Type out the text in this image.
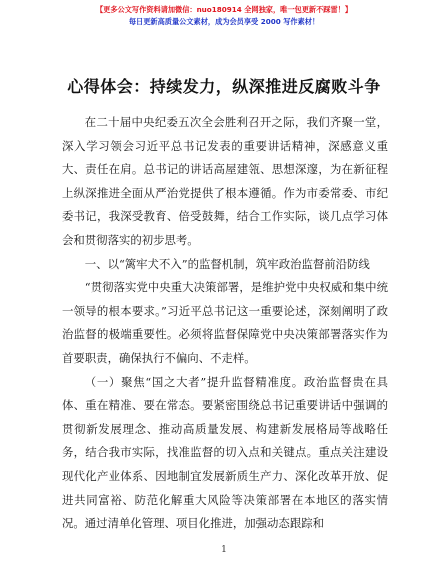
【更多公文写作资料请加微信：nuo180914 全网独家，唯一包更新不踩雷！】
每日更新高质量公文素材，成为会员享受 2000 写作素材！
心得体会：持续发力，纵深推进反腐败斗争

在二十届中央纪委五次全会胜利召开之际，我们齐聚一堂，深入学习领会习近平总书记发表的重要讲话精神，深感意义重大、责任在肩。总书记的讲话高屋建瓴、思想深邃，为在新征程上纵深推进全面从严治党提供了根本遵循。作为市委常委、市纪委书记，我深受教育、倍受鼓舞，结合工作实际，谈几点学习体会和贯彻落实的初步思考。

一、以“篱牢犬不入”的监督机制，筑牢政治监督前沿防线

“贯彻落实党中央重大决策部署，是维护党中央权威和集中统一领导的根本要求。”习近平总书记这一重要论述，深刻阐明了政治监督的极端重要性。必须将监督保障党中央决策部署落实作为首要职责，确保执行不偏向、不走样。

（一）聚焦“国之大者”提升监督精准度。政治监督贵在具体、重在精准、要在常态。要紧密围绕总书记重要讲话中强调的贯彻新发展理念、推动高质量发展、构建新发展格局等战略任务，结合我市实际，找准监督的切入点和关键点。重点关注建设现代化产业体系、因地制宜发展新质生产力、深化改革开放、促进共同富裕、防范化解重大风险等决策部署在本地区的落实情况。通过清单化管理、项目化推进，加强动态跟踪和

1
